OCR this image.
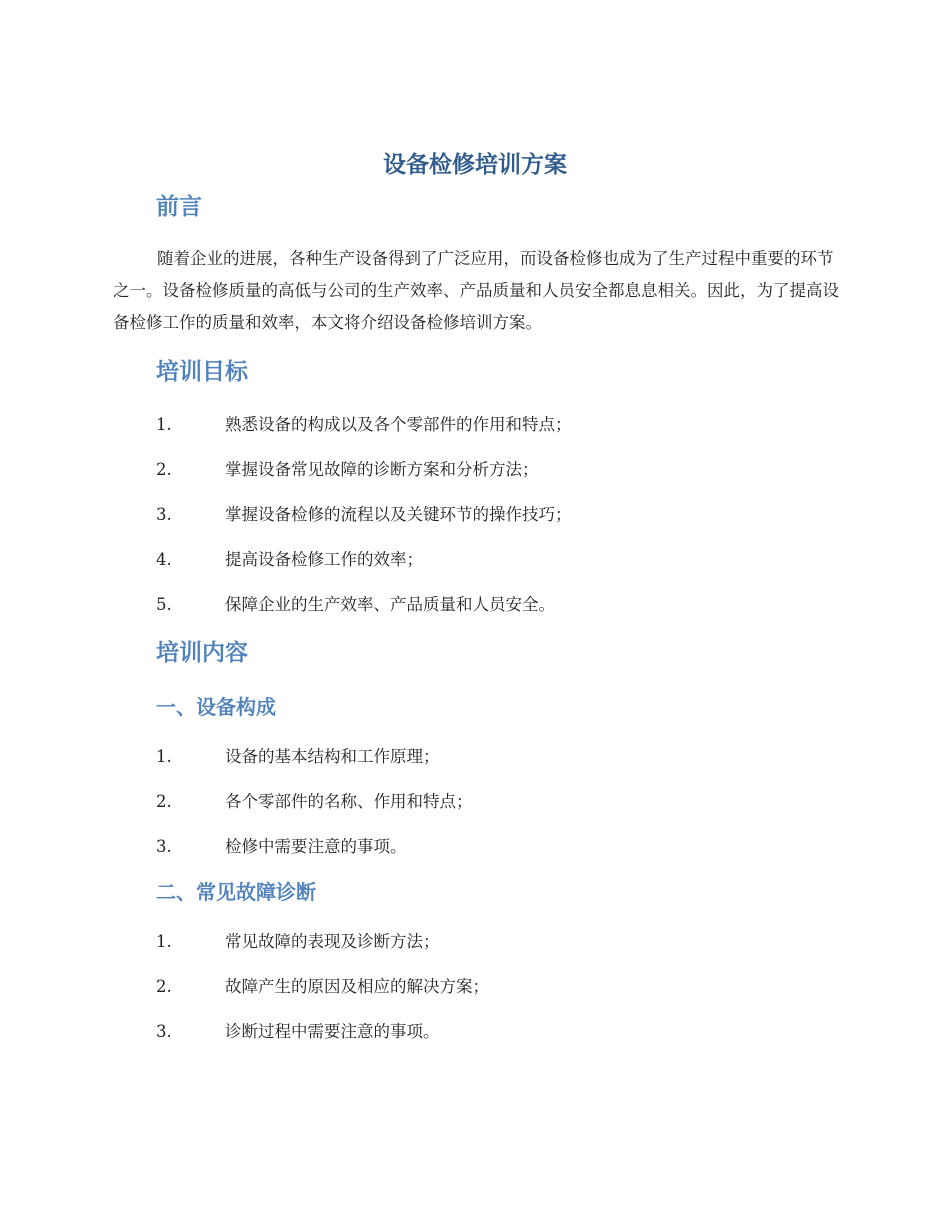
设备检修培训方案
前言
随着企业的进展，各种生产设备得到了广泛应用，而设备检修也成为了生产过程中重要的环节之一。设备检修质量的高低与公司的生产效率、产品质量和人员安全都息息相关。因此，为了提高设备检修工作的质量和效率，本文将介绍设备检修培训方案。
培训目标
1.	熟悉设备的构成以及各个零部件的作用和特点；
2.	掌握设备常见故障的诊断方案和分析方法；
3.	掌握设备检修的流程以及关键环节的操作技巧；
4.	提高设备检修工作的效率；
5.	保障企业的生产效率、产品质量和人员安全。
培训内容
一、设备构成
1.	设备的基本结构和工作原理；
2.	各个零部件的名称、作用和特点；
3.	检修中需要注意的事项。
二、常见故障诊断
1.	常见故障的表现及诊断方法；
2.	故障产生的原因及相应的解决方案；
3.	诊断过程中需要注意的事项。
